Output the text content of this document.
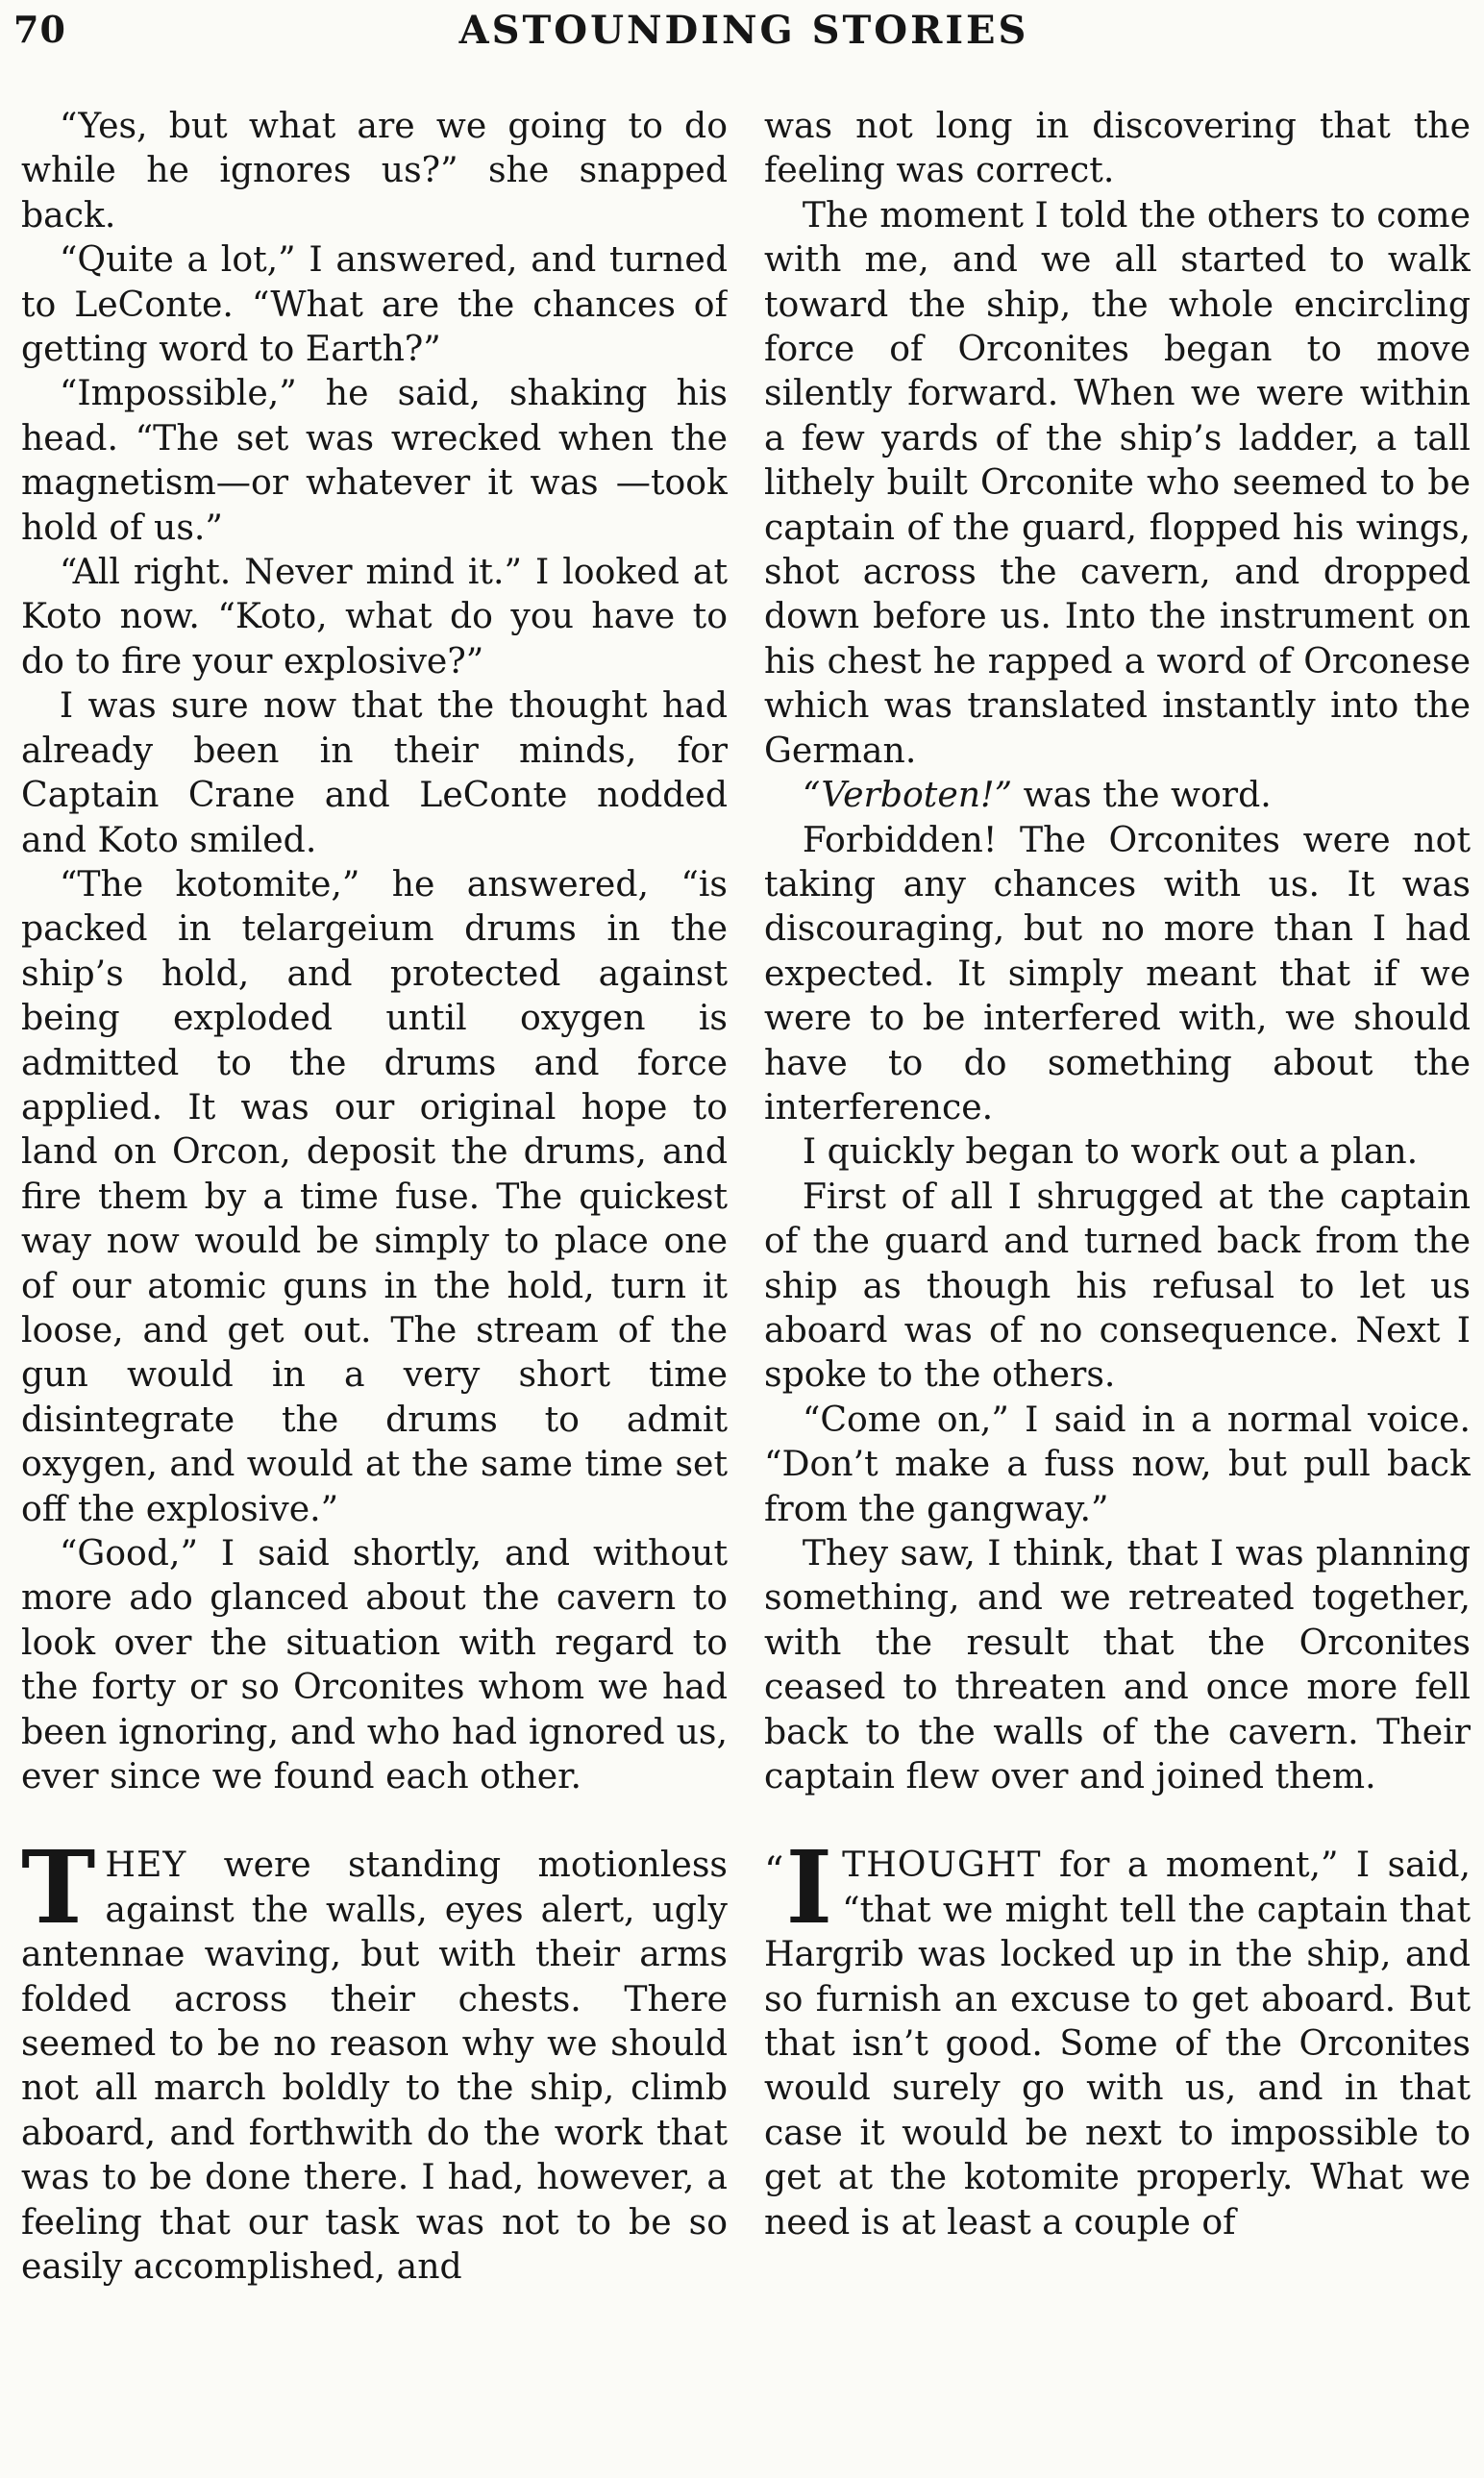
70	ASTOUNDING STORIES

“Yes, but what are we going to do while he ignores us?” she snapped back.

“Quite a lot,” I answered, and turned to LeConte. “What are the chances of getting word to Earth?”

“Impossible,” he said, shaking his head. “The set was wrecked when the magnetism—or whatever it was —took hold of us.”

“All right. Never mind it.” I looked at Koto now. “Koto, what do you have to do to fire your explosive?”

I was sure now that the thought had already been in their minds, for Captain Crane and LeConte nodded and Koto smiled.

“The kotomite,” he answered, “is packed in telargeium drums in the ship’s hold, and protected against being exploded until oxygen is admitted to the drums and force applied. It was our original hope to land on Orcon, deposit the drums, and fire them by a time fuse. The quickest way now would be simply to place one of our atomic guns in the hold, turn it loose, and get out. The stream of the gun would in a very short time disintegrate the drums to admit oxygen, and would at the same time set off the explosive.”

“Good,” I said shortly, and without more ado glanced about the cavern to look over the situation with regard to the forty or so Orconites whom we had been ignoring, and who had ignored us, ever since we found each other.

THEY were standing motionless against the walls, eyes alert, ugly antennae waving, but with their arms folded across their chests. There seemed to be no reason why we should not all march boldly to the ship, climb aboard, and forthwith do the work that was to be done there. I had, however, a feeling that our task was not to be so easily accomplished, and

was not long in discovering that the feeling was correct.

The moment I told the others to come with me, and we all started to walk toward the ship, the whole encircling force of Orconites began to move silently forward. When we were within a few yards of the ship’s ladder, a tall lithely built Orconite who seemed to be captain of the guard, flopped his wings, shot across the cavern, and dropped down before us. Into the instrument on his chest he rapped a word of Orconese which was translated instantly into the German.

“Verboten!” was the word.

Forbidden! The Orconites were not taking any chances with us. It was discouraging, but no more than I had expected. It simply meant that if we were to be interfered with, we should have to do something about the interference.

I quickly began to work out a plan.

First of all I shrugged at the captain of the guard and turned back from the ship as though his refusal to let us aboard was of no consequence. Next I spoke to the others.

“Come on,” I said in a normal voice. “Don’t make a fuss now, but pull back from the gangway.”

They saw, I think, that I was planning something, and we retreated together, with the result that the Orconites ceased to threaten and once more fell back to the walls of the cavern. Their captain flew over and joined them.

“ I THOUGHT for a moment,” I said, “that we might tell the captain that Hargrib was locked up in the ship, and so furnish an excuse to get aboard. But that isn’t good. Some of the Orconites would surely go with us, and in that case it would be next to impossible to get at the kotomite properly. What we need is at least a couple of
